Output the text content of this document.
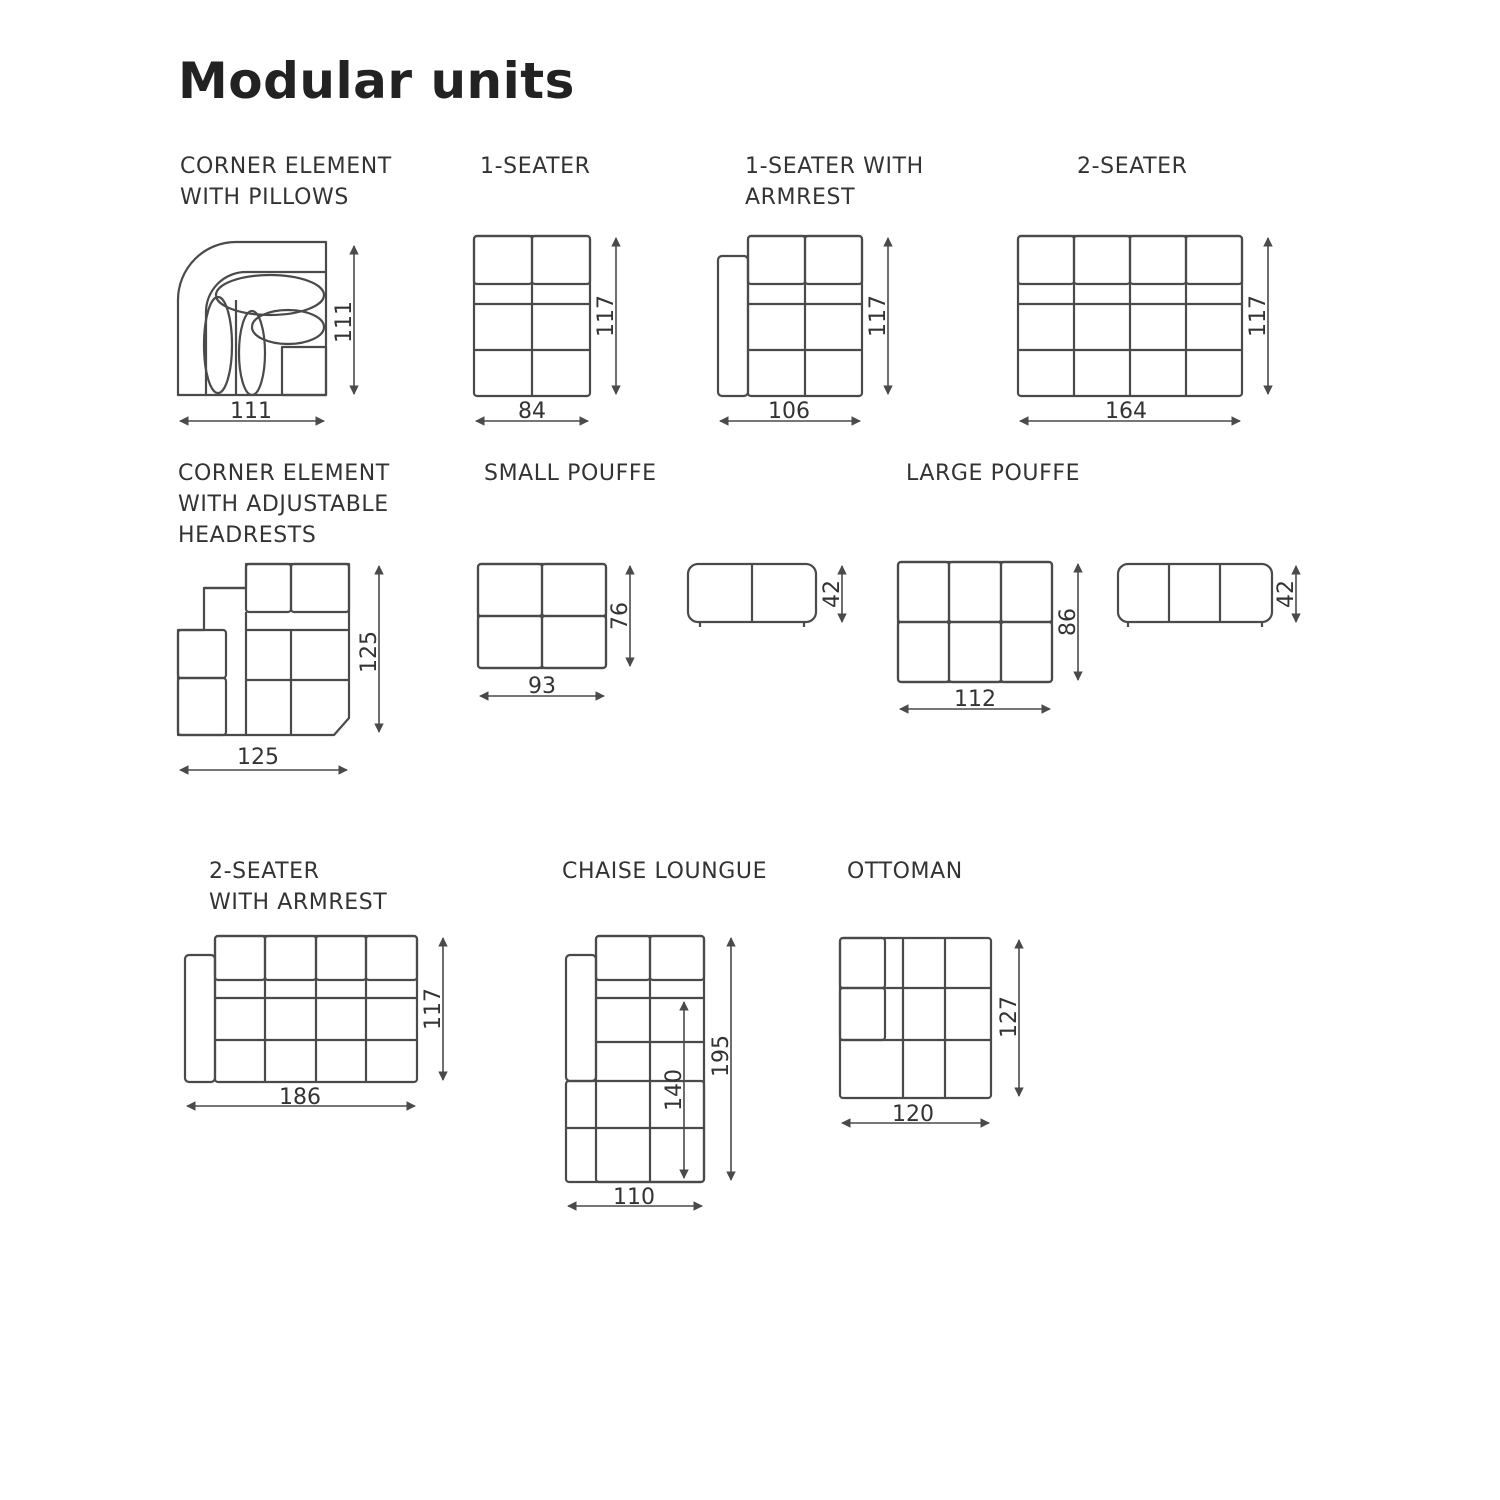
Modular units
CORNER ELEMENT
WITH PILLOWS
1-SEATER	1-SEATER WITH
ARMREST
2-SEATER
CORNER ELEMENT
WITH ADJUSTABLE
HEADRESTS
SMALL POUFFE	LARGE POUFFE
2-SEATER
WITH ARMREST
CHAISE LOUNGUE	OTTOMAN
111
111
84
117
106
117
164
117
125
125
93
76
42
112
86
42
186
117
110
195
140
120
127
